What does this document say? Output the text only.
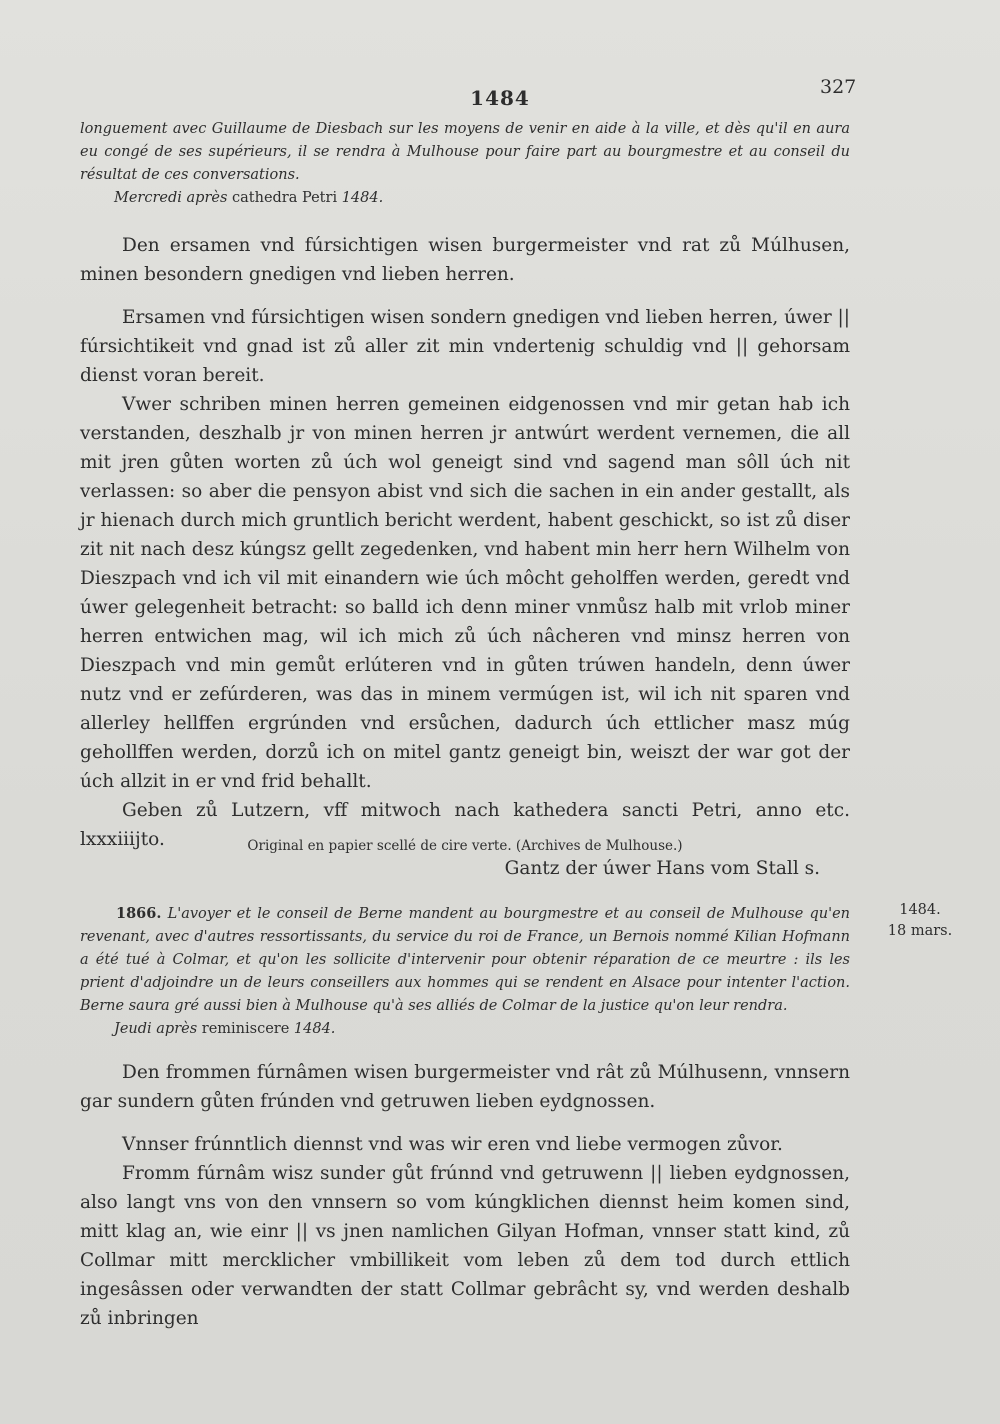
1484	327

longuement avec Guillaume de Diesbach sur les moyens de venir en aide à la ville, et dès qu'il en aura eu congé de ses supérieurs, il se rendra à Mulhouse pour faire part au bourgmestre et au conseil du résultat de ces conversations.

Mercredi après cathedra Petri 1484.

Den ersamen vnd fúrsichtigen wisen burgermeister vnd rat zů Múlhusen, minen besondern gnedigen vnd lieben herren.

Ersamen vnd fúrsichtigen wisen sondern gnedigen vnd lieben herren, úwer || fúrsichtikeit vnd gnad ist zů aller zit min vndertenig schuldig vnd || gehorsam dienst voran bereit.

Vwer schriben minen herren gemeinen eidgenossen vnd mir getan hab ich verstanden, deszhalb jr von minen herren jr antwúrt werdent vernemen, die all mit jren gůten worten zů úch wol geneigt sind vnd sagend man sôll úch nit verlassen: so aber die pensyon abist vnd sich die sachen in ein ander gestallt, als jr hienach durch mich gruntlich bericht werdent, habent geschickt, so ist zů diser zit nit nach desz kúngsz gellt zegedenken, vnd habent min herr hern Wilhelm von Dieszpach vnd ich vil mit einandern wie úch môcht geholffen werden, geredt vnd úwer gelegenheit betracht: so balld ich denn miner vnmůsz halb mit vrlob miner herren entwichen mag, wil ich mich zů úch nâcheren vnd minsz herren von Dieszpach vnd min gemůt erlúteren vnd in gůten trúwen handeln, denn úwer nutz vnd er zefúrderen, was das in minem vermúgen ist, wil ich nit sparen vnd allerley hellffen ergrúnden vnd ersůchen, dadurch úch ettlicher masz múg gehollffen werden, dorzů ich on mitel gantz geneigt bin, weiszt der war got der úch allzit in er vnd frid behallt.

Geben zů Lutzern, vff mitwoch nach kathedera sancti Petri, anno etc. lxxxiiijto.

Gantz der úwer Hans vom Stall s.

Original en papier scellé de cire verte. (Archives de Mulhouse.)

1484.
18 mars.

1866. L'avoyer et le conseil de Berne mandent au bourgmestre et au conseil de Mulhouse qu'en revenant, avec d'autres ressortissants, du service du roi de France, un Bernois nommé Kilian Hofmann a été tué à Colmar, et qu'on les sollicite d'intervenir pour obtenir réparation de ce meurtre : ils les prient d'adjoindre un de leurs conseillers aux hommes qui se rendent en Alsace pour intenter l'action. Berne saura gré aussi bien à Mulhouse qu'à ses alliés de Colmar de la justice qu'on leur rendra.

Jeudi après reminiscere 1484.

Den frommen fúrnâmen wisen burgermeister vnd rât zů Múlhusenn, vnnsern gar sundern gůten frúnden vnd getruwen lieben eydgnossen.

Vnnser frúnntlich diennst vnd was wir eren vnd liebe vermogen zůvor.

Fromm fúrnâm wisz sunder gůt frúnnd vnd getruwenn || lieben eydgnossen, also langt vns von den vnnsern so vom kúngklichen diennst heim komen sind, mitt klag an, wie einr || vs jnen namlichen Gilyan Hofman, vnnser statt kind, zů Collmar mitt mercklicher vmbillikeit vom leben zů dem tod durch ettlich ingesâssen oder verwandten der statt Collmar gebrâcht sy, vnd werden deshalb zů inbringen
